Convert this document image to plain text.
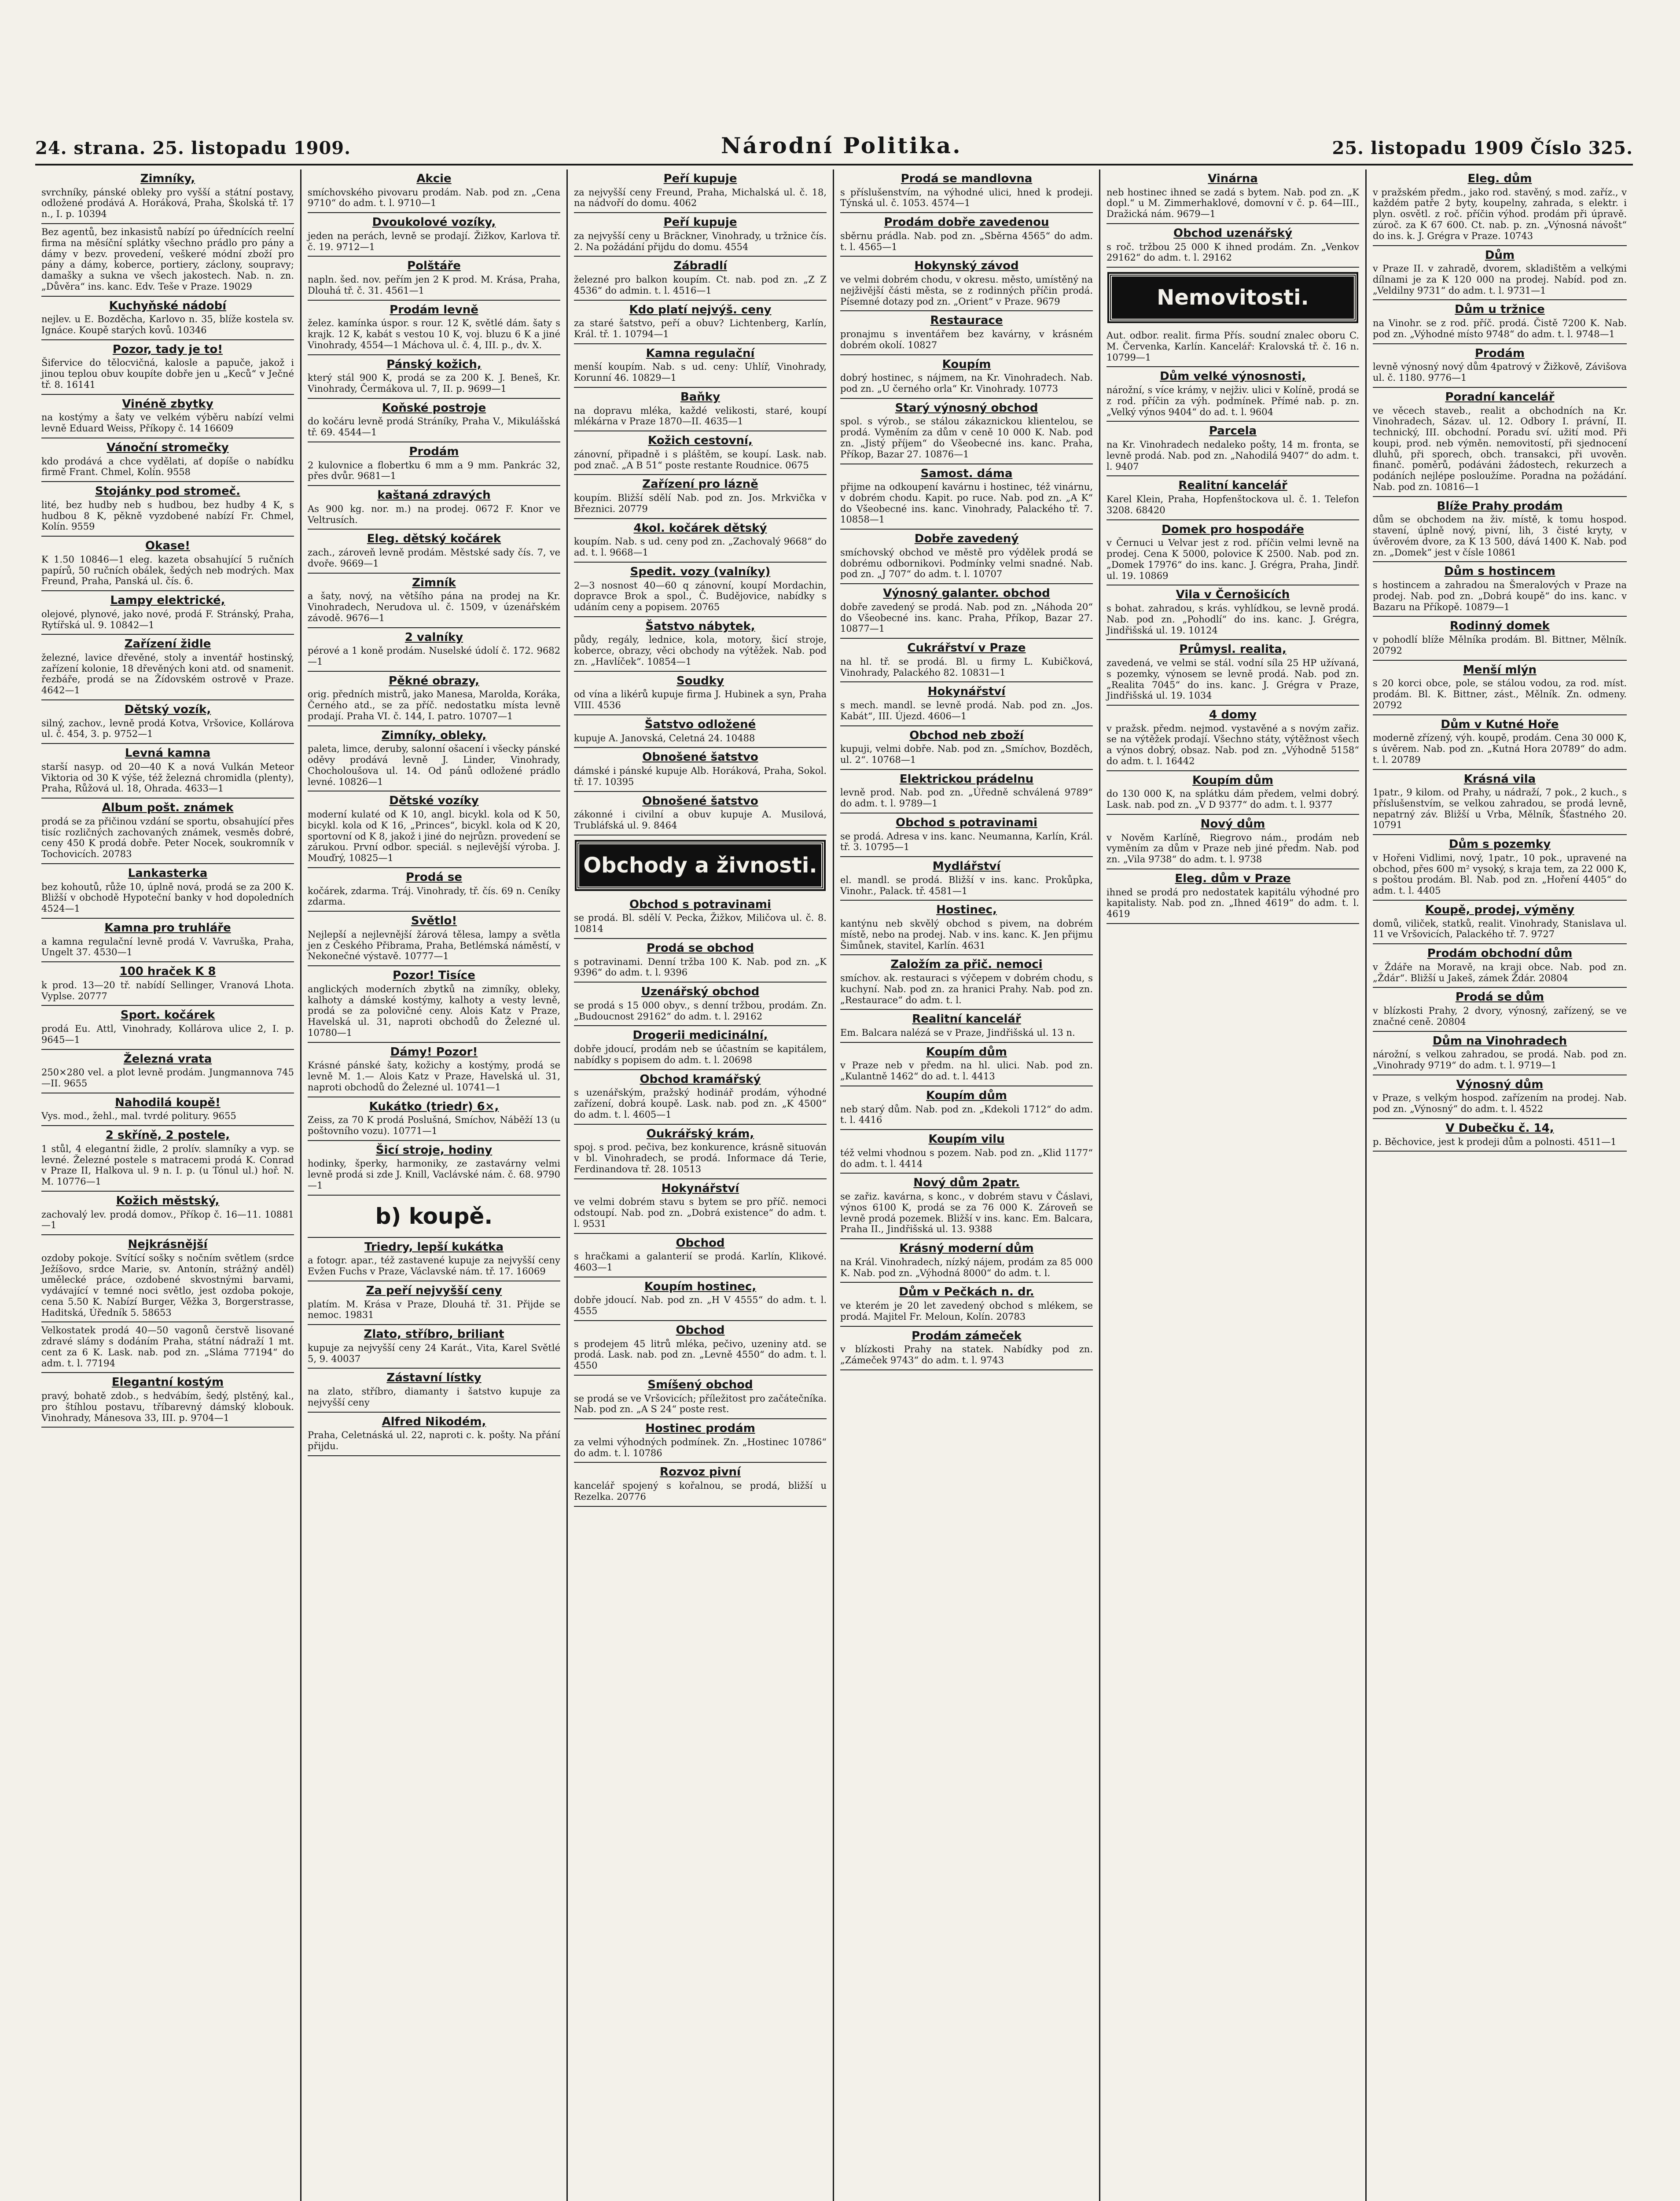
24. strana. 25. listopadu 1909.	Národní Politika.	25. listopadu 1909 Číslo 325.
Zimníky,
svrchníky, pánské obleky pro vyšší a státní postavy, odložené prodává A. Horáková, Praha, Školská tř. 17 n., I. p. 10394
Bez agentů, bez inkasistů nabízí po úřednících reelní firma na měsíční splátky všechno prádlo pro pány a dámy v bezv. provedení, veškeré módní zboží pro pány a dámy, koberce, portiery, záclony, soupravy; damašky a sukna ve všech jakostech. Nab. n. zn. „Důvěra“ ins. kanc. Edv. Teše v Praze. 19029
Kuchyňské nádobí
nejlev. u E. Bozděcha, Karlovo n. 35, blíže kostela sv. Ignáce. Koupě starých kovů. 10346
Pozor, tady je to!
Šifervice do tělocvičná, kalosle a papuče, jakož i jinou teplou obuv koupíte dobře jen u „Keců“ v Ječné tř. 8. 16141
Vinéně zbytky
na kostýmy a šaty ve velkém výběru nabízí velmi levně Eduard Weiss, Příkopy č. 14 16609
Vánoční stromečky
kdo prodává a chce vydělati, ať dopíše o nabídku firmě Frant. Chmel, Kolín. 9558
Stojánky pod stromeč.
lité, bez hudby neb s hudbou, bez hudby 4 K, s hudbou 8 K, pěkně vyzdobené nabízí Fr. Chmel, Kolín. 9559
Okase!
K 1.50 10846—1 eleg. kazeta obsahující 5 ručních papírů, 50 ručních obálek, šedých neb modrých. Max Freund, Praha, Panská ul. čís. 6.
Lampy elektrické,
olejové, plynové, jako nové, prodá F. Stránský, Praha, Rytířská ul. 9. 10842—1
Zařízení židle
železné, lavice dřevěné, stoly a inventář hostinský, zařízení kolonie, 18 dřevěných koni atd. od snamenit. řezbáře, prodá se na Žídovském ostrově v Praze. 4642—1
Dětský vozík,
silný, zachov., levně prodá Kotva, Vršovice, Kollárova ul. č. 454, 3. p. 9752—1
Levná kamna
starší nasyp. od 20—40 K a nová Vulkán Meteor Viktoria od 30 K výše, též železná chromidla (plenty), Praha, Růžová ul. 18, Ohrada. 4633—1
Album pošt. známek
prodá se za přičinou vzdání se sportu, obsahující přes tisíc rozličných zachovaných známek, vesměs dobré, ceny 450 K prodá dobře. Peter Nocek, soukromník v Tochovicích. 20783
Lankasterka
bez kohoutů, růže 10, úplně nová, prodá se za 200 K. Bližší v obchodě Hypoteční banky v hod dopoledních 4524—1
Kamna pro truhláře
a kamna regulační levně prodá V. Vavruška, Praha, Ungelt 37. 4530—1
100 hraček K 8
k prod. 13—20 tř. nabídí Sellinger, Vranová Lhota. Vyplse. 20777
Sport. kočárek
prodá Eu. Attl, Vinohrady, Kollárova ulice 2, I. p. 9645—1
Železná vrata
250×280 vel. a plot levně prodám. Jungmannova 745—II. 9655
Nahodilá koupě!
Vys. mod., žehl., mal. tvrdé politury. 9655
2 skříně, 2 postele,
1 stůl, 4 elegantní židle, 2 prolív. slamníky a vyp. se levné. Železné postele s matracemi prodá K. Conrad v Praze II, Halkova ul. 9 n. I. p. (u Tónul ul.) hoř. N. M. 10776—1
Kožich městský,
zachovalý lev. prodá domov., Příkop č. 16—11. 10881—1
Nejkrásnější
ozdoby pokoje. Svítící sošky s nočním světlem (srdce Ježíšovo, srdce Marie, sv. Antonín, strážný anděl) umělecké práce, ozdobené skvostnými barvami, vydávající v temné noci světlo, jest ozdoba pokoje, cena 5.50 K. Nabízí Burger, Věžka 3, Borgerstrasse, Haditská, Úředník 5. 58653
Velkostatek prodá 40—50 vagonů čerstvě lisované zdravé slámy s dodáním Praha, státní nádraží 1 mt. cent za 6 K. Lask. nab. pod zn. „Sláma 77194“ do adm. t. l. 77194
Elegantní kostým
pravý, bohatě zdob., s hedvábím, šedý, plstěný, kal., pro štíhlou postavu, tříbarevný dámský klobouk. Vinohrady, Mánesova 33, III. p. 9704—1
Akcie
smíchovského pivovaru prodám. Nab. pod zn. „Cena 9710“ do adm. t. l. 9710—1
Dvoukolové vozíky,
jeden na perách, levně se prodají. Žižkov, Karlova tř. č. 19. 9712—1
Polštáře
napln. šed. nov. peřím jen 2 K prod. M. Krása, Praha, Dlouhá tř. č. 31. 4561—1
Prodám levně
želez. kamínka úspor. s rour. 12 K, světlé dám. šaty s krajk. 12 K, kabát s vestou 10 K, voj. bluzu 6 K a jiné Vinohrady, 4554—1 Máchova ul. č. 4, III. p., dv. X.
Pánský kožich,
který stál 900 K, prodá se za 200 K. J. Beneš, Kr. Vinohrady, Čermákova ul. 7, II. p. 9699—1
Koňské postroje
do kočáru levně prodá Stráníky, Praha V., Mikulášská tř. 69. 4544—1
Prodám
2 kulovnice a flobertku 6 mm a 9 mm. Pankrác 32, přes dvůr. 9681—1
kaštaná zdravých
As 900 kg. nor. m.) na prodej. 0672 F. Knor ve Veltrusích.
Eleg. dětský kočárek
zach., zároveň levně prodám. Městské sady čís. 7, ve dvoře. 9669—1
Zimník
a šaty, nový, na většího pána na prodej na Kr. Vinohradech, Nerudova ul. č. 1509, v úzenářském závodě. 9676—1
2 valníky
pérové a 1 koně prodám. Nuselské údolí č. 172. 9682—1
Pěkné obrazy,
orig. předních mistrů, jako Manesa, Marolda, Koráka, Černého atd., se za příč. nedostatku místa levně prodají. Praha VI. č. 144, I. patro. 10707—1
Zimníky, obleky,
paleta, limce, deruby, salonní ošacení i všecky pánské oděvy prodává levně J. Linder, Vinohrady, Chocholoušova ul. 14. Od pánů odložené prádlo levné. 10826—1
Dětské vozíky
moderní kulaté od K 10, angl. bicykl. kola od K 50, bicykl. kola od K 16, „Princes“, bicykl. kola od K 20, sportovní od K 8, jakož i jiné do nejrůzn. provedení se zárukou. První odbor. speciál. s nejlevější výroba. J. Mouďrý, 10825—1
Prodá se
kočárek, zdarma. Tráj. Vinohrady, tř. čís. 69 n. Ceníky zdarma.
Světlo!
Nejlepší a nejlevnější žárová tělesa, lampy a světla jen z Českého Přibrama, Praha, Betlémská náměstí, v Nekonečné výstavě. 10777—1
Pozor! Tisíce
anglických moderních zbytků na zimníky, obleky, kalhoty a dámské kostýmy, kalhoty a vesty levně, prodá se za polovičné ceny. Alois Katz v Praze, Havelská ul. 31, naproti obchodů do Železné ul. 10780—1
Dámy! Pozor!
Krásné pánské šaty, kožichy a kostýmy, prodá se levně M. 1.— Alois Katz v Praze, Havelská ul. 31, naproti obchodů do Železné ul. 10741—1
Kukátko (triedr) 6×,
Zeiss, za 70 K prodá Poslušná, Smíchov, Náběží 13 (u poštovního vozu). 10771—1
Šicí stroje, hodiny
hodinky, šperky, harmoniky, ze zastavárny velmi levně prodá si zde J. Knill, Vaclávské nám. č. 68. 9790—1
b) koupě.
Triedry, lepší kukátka
a fotogr. apar., též zastavené kupuje za nejvyšší ceny Evžen Fuchs v Praze, Václavské nám. tř. 17. 16069
Za peří nejvyšší ceny
platím. M. Krása v Praze, Dlouhá tř. 31. Přijde se nemoc. 19831
Zlato, stříbro, briliant
kupuje za nejvyšší ceny 24 Karát., Vita, Karel Světlé 5, 9. 40037
Zástavní lístky
na zlato, stříbro, diamanty i šatstvo kupuje za nejvyšší ceny
Alfred Nikodém,
Praha, Celetnáská ul. 22, naproti c. k. pošty. Na přání přijdu.
Peří kupuje
za nejvyšší ceny Freund, Praha, Michalská ul. č. 18, na nádvoří do domu. 4062
Peří kupuje
za nejvyšší ceny u Bräckner, Vinohrady, u tržnice čís. 2. Na požádání přijdu do domu. 4554
Zábradlí
železné pro balkon koupím. Ct. nab. pod zn. „Z Z 4536“ do admin. t. l. 4516—1
Kdo platí nejvýš. ceny
za staré šatstvo, peří a obuv? Lichtenberg, Karlín, Král. tř. 1. 10794—1
Kamna regulační
menší koupím. Nab. s ud. ceny: Uhlíř, Vinohrady, Korunní 46. 10829—1
Baňky
na dopravu mléka, každé velikosti, staré, koupí mlékárna v Praze 1870—II. 4635—1
Kožich cestovní,
zánovní, připadně i s pláštěm, se koupí. Lask. nab. pod znač. „A B 51“ poste restante Roudnice. 0675
Zařízení pro lázně
koupím. Bližší sdělí Nab. pod zn. Jos. Mrkvička v Březnici. 20779
4kol. kočárek dětský
koupím. Nab. s ud. ceny pod zn. „Zachovalý 9668“ do ad. t. l. 9668—1
Spedit. vozy (valníky)
2—3 nosnost 40—60 q zánovní, koupí Mordachin, dopravce Brok a spol., Č. Budějovice, nabídky s udáním ceny a popisem. 20765
Šatstvo nábytek,
půdy, regály, lednice, kola, motory, šicí stroje, koberce, obrazy, věci obchody na výtěžek. Nab. pod zn. „Havlíček“. 10854—1
Soudky
od vína a likérů kupuje firma J. Hubinek a syn, Praha VIII. 4536
Šatstvo odložené
kupuje A. Janovská, Celetná 24. 10488
Obnošené šatstvo
dámské i pánské kupuje Alb. Horáková, Praha, Sokol. tř. 17. 10395
Obnošené šatstvo
zákonné i civilní a obuv kupuje A. Musilová, Trubláfská ul. 9. 8464
Obchody a živnosti.
Obchod s potravinami
se prodá. Bl. sdělí V. Pecka, Žižkov, Miličova ul. č. 8. 10814
Prodá se obchod
s potravinami. Denní tržba 100 K. Nab. pod zn. „K 9396“ do adm. t. l. 9396
Uzenářský obchod
se prodá s 15 000 obyv., s denní tržbou, prodám. Zn. „Budoucnost 29162“ do adm. t. l. 29162
Drogerii medicinální,
dobře jdoucí, prodám neb se účastním se kapitálem, nabídky s popisem do adm. t. l. 20698
Obchod kramářský
s uzenářským, pražský hodinář prodám, výhodné zařízení, dobrá koupě. Lask. nab. pod zn. „K 4500“ do adm. t. l. 4605—1
Oukrářský krám,
spoj. s prod. pečiva, bez konkurence, krásně situován v bl. Vinohradech, se prodá. Informace dá Terie, Ferdinandova tř. 28. 10513
Hokynářství
ve velmi dobrém stavu s bytem se pro příč. nemoci odstoupí. Nab. pod zn. „Dobrá existence“ do adm. t. l. 9531
Obchod
s hračkami a galanterií se prodá. Karlín, Klikové. 4603—1
Koupím hostinec,
dobře jdoucí. Nab. pod zn. „H V 4555“ do adm. t. l. 4555
Obchod
s prodejem 45 litrů mléka, pečivo, uzeniny atd. se prodá. Lask. nab. pod zn. „Levně 4550“ do adm. t. l. 4550
Smíšený obchod
se prodá se ve Vršovicích; příležitost pro začátečníka. Nab. pod zn. „A S 24“ poste rest.
Hostinec prodám
za velmi výhodných podmínek. Zn. „Hostinec 10786“ do adm. t. l. 10786
Rozvoz pivní
kancelář spojený s kořalnou, se prodá, bližší u Rezelka. 20776
Prodá se mandlovna
s příslušenstvím, na výhodné ulici, hned k prodeji. Týnská ul. č. 1053. 4574—1
Prodám dobře zavedenou
sběrnu prádla. Nab. pod zn. „Sběrna 4565“ do adm. t. l. 4565—1
Hokynský závod
ve velmi dobrém chodu, v okresu. město, umístěný na nejživější části města, se z rodinných příčin prodá. Písemné dotazy pod zn. „Orient“ v Praze. 9679
Restaurace
pronajmu s inventářem bez kavárny, v krásném dobrém okolí. 10827
Koupím
dobrý hostinec, s nájmem, na Kr. Vinohradech. Nab. pod zn. „U černého orla“ Kr. Vinohrady. 10773
Starý výnosný obchod
spol. s výrob., se stálou zákaznickou klientelou, se prodá. Vyměním za dům v ceně 10 000 K. Nab. pod zn. „Jistý příjem“ do Všeobecné ins. kanc. Praha, Příkop, Bazar 27. 10876—1
Samost. dáma
přijme na odkoupení kavárnu i hostinec, též vinárnu, v dobrém chodu. Kapit. po ruce. Nab. pod zn. „A K“ do Všeobecné ins. kanc. Vinohrady, Palackého tř. 7. 10858—1
Dobře zavedený
smíchovský obchod ve městě pro výdělek prodá se dobrému odbornikovi. Podmínky velmi snadné. Nab. pod zn. „J 707“ do adm. t. l. 10707
Výnosný galanter. obchod
dobře zavedený se prodá. Nab. pod zn. „Náhoda 20“ do Všeobecné ins. kanc. Praha, Příkop, Bazar 27. 10877—1
Cukrářství v Praze
na hl. tř. se prodá. Bl. u firmy L. Kubičková, Vinohrady, Palackého 82. 10831—1
Hokynářství
s mech. mandl. se levně prodá. Nab. pod zn. „Jos. Kabát“, III. Újezd. 4606—1
Obchod neb zboží
kupuji, velmi dobře. Nab. pod zn. „Smíchov, Bozděch, ul. 2“. 10768—1
Elektrickou prádelnu
levně prod. Nab. pod zn. „Úředně schválená 9789“ do adm. t. l. 9789—1
Obchod s potravinami
se prodá. Adresa v ins. kanc. Neumanna, Karlín, Král. tř. 3. 10795—1
Mydlářství
el. mandl. se prodá. Bližší v ins. kanc. Prokůpka, Vinohr., Palack. tř. 4581—1
Hostinec,
kantýnu neb skvělý obchod s pivem, na dobrém místě, nebo na prodej. Nab. v ins. kanc. K. Jen přijmu Šimůnek, stavitel, Karlín. 4631
Založím za přič. nemoci
smíchov. ak. restauraci s výčepem v dobrém chodu, s kuchyní. Nab. pod zn. za hranici Prahy. Nab. pod zn. „Restaurace“ do adm. t. l.
Realitní kancelář
Em. Balcara nalézá se v Praze, Jindřišská ul. 13 n.
Koupím dům
v Praze neb v předm. na hl. ulici. Nab. pod zn. „Kulantně 1462“ do ad. t. l. 4413
Koupím dům
neb starý dům. Nab. pod zn. „Kdekoli 1712“ do adm. t. l. 4416
Koupím vilu
též velmi vhodnou s pozem. Nab. pod zn. „Klid 1177“ do adm. t. l. 4414
Nový dům 2patr.
se zařiz. kavárna, s konc., v dobrém stavu v Čáslavi, výnos 6100 K, prodá se za 76 000 K. Zároveň se levně prodá pozemek. Bližší v ins. kanc. Em. Balcara, Praha II., Jindřišská ul. 13. 9388
Krásný moderní dům
na Král. Vinohradech, nízký nájem, prodám za 85 000 K. Nab. pod zn. „Výhodná 8000“ do adm. t. l.
Dům v Pečkách n. dr.
ve kterém je 20 let zavedený obchod s mlékem, se prodá. Majitel Fr. Meloun, Kolín. 20783
Prodám zámeček
v blízkosti Prahy na statek. Nabídky pod zn. „Zámeček 9743“ do adm. t. l. 9743
Vinárna
neb hostinec ihned se zadá s bytem. Nab. pod zn. „K dopl.“ u M. Zimmerhaklové, domovní v č. p. 64—III., Dražická nám. 9679—1
Obchod uzenářský
s roč. tržbou 25 000 K ihned prodám. Zn. „Venkov 29162“ do adm. t. l. 29162
Nemovitosti.
Aut. odbor. realit. firma Přís. soudní znalec oboru C. M. Červenka, Karlín. Kancelář: Kralovská tř. č. 16 n. 10799—1
Dům velké výnosnosti,
nárožní, s více krámy, v nejživ. ulici v Kolíně, prodá se z rod. příčin za výh. podmínek. Přímé nab. p. zn. „Velký výnos 9404“ do ad. t. l. 9604
Parcela
na Kr. Vinohradech nedaleko pošty, 14 m. fronta, se levně prodá. Nab. pod zn. „Nahodilá 9407“ do adm. t. l. 9407
Realitní kancelář
Karel Klein, Praha, Hopfenštockova ul. č. 1. Telefon 3208. 68420
Domek pro hospodáře
v Černuci u Velvar jest z rod. příčin velmi levně na prodej. Cena K 5000, polovice K 2500. Nab. pod zn. „Domek 17976“ do ins. kanc. J. Grégra, Praha, Jindř. ul. 19. 10869
Vila v Černošicích
s bohat. zahradou, s krás. vyhlídkou, se levně prodá. Nab. pod zn. „Pohodlí“ do ins. kanc. J. Grégra, Jindřišská ul. 19. 10124
Průmysl. realita,
zavedená, ve velmi se stál. vodní síla 25 HP užívaná, s pozemky, výnosem se levně prodá. Nab. pod zn. „Realita 7045“ do ins. kanc. J. Grégra v Praze, Jindřišská ul. 19. 1034
4 domy
v pražsk. předm. nejmod. vystavěné a s novým zařiz. se na výtěžek prodají. Všechno státy, výtěžnost všech a výnos dobrý, obsaz. Nab. pod zn. „Výhodně 5158“ do adm. t. l. 16442
Koupím dům
do 130 000 K, na splátku dám předem, velmi dobrý. Lask. nab. pod zn. „V D 9377“ do adm. t. l. 9377
Nový dům
v Nověm Karlíně, Riegrovo nám., prodám neb vyměním za dům v Praze neb jiné předm. Nab. pod zn. „Vila 9738“ do adm. t. l. 9738
Eleg. dům v Praze
ihned se prodá pro nedostatek kapitálu výhodné pro kapitalisty. Nab. pod zn. „Ihned 4619“ do adm. t. l. 4619
Eleg. dům
v pražském předm., jako rod. stavěný, s mod. zaříz., v každém patře 2 byty, koupelny, zahrada, s elektr. i plyn. osvětl. z roč. příčin výhod. prodám při úpravě. zúroč. za K 67 600. Ct. nab. p. zn. „Výnosná návošt“ do ins. k. J. Grégra v Praze. 10743
Dům
v Praze II. v zahradě, dvorem, skladištěm a velkými dílnami je za K 120 000 na prodej. Nabíd. pod zn. „Veldilny 9731“ do adm. t. l. 9731—1
Dům u tržnice
na Vinohr. se z rod. příč. prodá. Čistě 7200 K. Nab. pod zn. „Výhodné místo 9748“ do adm. t. l. 9748—1
Prodám
levně výnosný nový dům 4patrový v Žižkově, Závišova ul. č. 1180. 9776—1
Poradní kancelář
ve věcech staveb., realit a obchodních na Kr. Vinohradech, Sázav. ul. 12. Odbory I. právní, II. technický, III. obchodní. Poradu sví. užití mod. Při koupi, prod. neb výměn. nemovitostí, při sjednocení dluhů, při sporech, obch. transakci, při uvověn. finanč. poměrů, podáváni žádostech, rekurzech a podáních nejlépe posloužíme. Poradna na požádání. Nab. pod zn. 10816—1
Blíže Prahy prodám
dům se obchodem na živ. místě, k tomu hospod. stavení, úplně nový, pivní, lih, 3 čisté kryty, v úvěrovém dvore, za K 13 500, dává 1400 K. Nab. pod zn. „Domek“ jest v čísle 10861
Dům s hostincem
s hostincem a zahradou na Šmeralových v Praze na prodej. Nab. pod zn. „Dobrá koupě“ do ins. kanc. v Bazaru na Příkopě. 10879—1
Rodinný domek
v pohodlí blíže Mělníka prodám. Bl. Bittner, Mělník. 20792
Menší mlýn
s 20 korci obce, pole, se stálou vodou, za rod. míst. prodám. Bl. K. Bittner, zást., Mělník. Zn. odmeny. 20792
Dům v Kutné Hoře
moderně zřízený, výh. koupě, prodám. Cena 30 000 K, s úvěrem. Nab. pod zn. „Kutná Hora 20789“ do adm. t. l. 20789
Krásná vila
1patr., 9 kilom. od Prahy, u nádraží, 7 pok., 2 kuch., s příslušenstvím, se velkou zahradou, se prodá levně, nepatrný záv. Bližší u Vrba, Mělník, Šťastného 20. 10791
Dům s pozemky
v Hořeni Vidlimi, nový, 1patr., 10 pok., upravené na obchod, přes 600 m² vysoký, s kraja tem, za 22 000 K, s poštou prodám. Bl. Nab. pod zn. „Hoření 4405“ do adm. t. l. 4405
Koupě, prodej, výměny
domů, viliček, statků, realit. Vinohrady, Stanislava ul. 11 ve Vršovicích, Palackého tř. 7. 9727
Prodám obchodní dům
v Ždáře na Moravě, na kraji obce. Nab. pod zn. „Ždár“. Bližší u Jakeš, zámek Ždár. 20804
Prodá se dům
v blízkosti Prahy, 2 dvory, výnosný, zařízený, se ve značné ceně. 20804
Dům na Vinohradech
nárožní, s velkou zahradou, se prodá. Nab. pod zn. „Vinohrady 9719“ do adm. t. l. 9719—1
Výnosný dům
v Praze, s velkým hospod. zařízením na prodej. Nab. pod zn. „Výnosný“ do adm. t. l. 4522
V Dubečku č. 14,
p. Běchovice, jest k prodeji dům a polnosti. 4511—1
